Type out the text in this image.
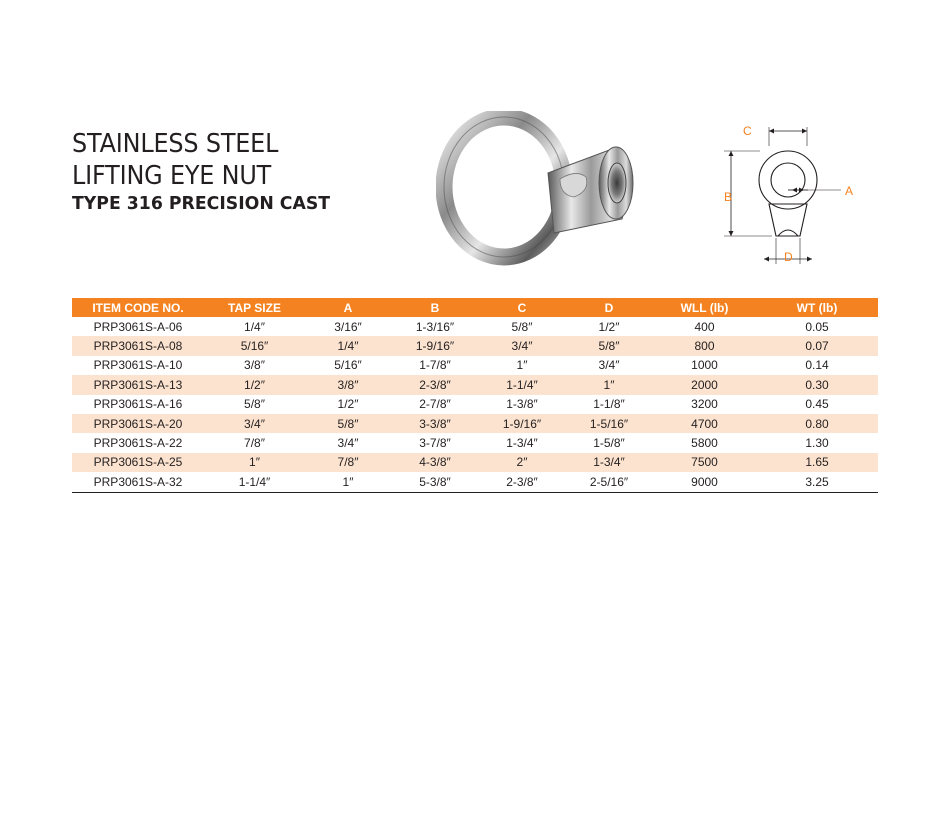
STAINLESS STEEL
LIFTING EYE NUT
TYPE 316 PRECISION CAST
C
B	A
D
ITEM CODE NO.	TAP SIZE	A	B	C	D	WLL (lb)	WT (lb)
PRP3061S-A-06	1/4″	3/16″	1-3/16″	5/8″	1/2″	400	0.05
PRP3061S-A-08	5/16″	1/4″	1-9/16″	3/4″	5/8″	800	0.07
PRP3061S-A-10	3/8″	5/16″	1-7/8″	1″	3/4″	1000	0.14
PRP3061S-A-13	1/2″	3/8″	2-3/8″	1-1/4″	1″	2000	0.30
PRP3061S-A-16	5/8″	1/2″	2-7/8″	1-3/8″	1-1/8″	3200	0.45
PRP3061S-A-20	3/4″	5/8″	3-3/8″	1-9/16″	1-5/16″	4700	0.80
PRP3061S-A-22	7/8″	3/4″	3-7/8″	1-3/4″	1-5/8″	5800	1.30
PRP3061S-A-25	1″	7/8″	4-3/8″	2″	1-3/4″	7500	1.65
PRP3061S-A-32	1-1/4″	1″	5-3/8″	2-3/8″	2-5/16″	9000	3.25
